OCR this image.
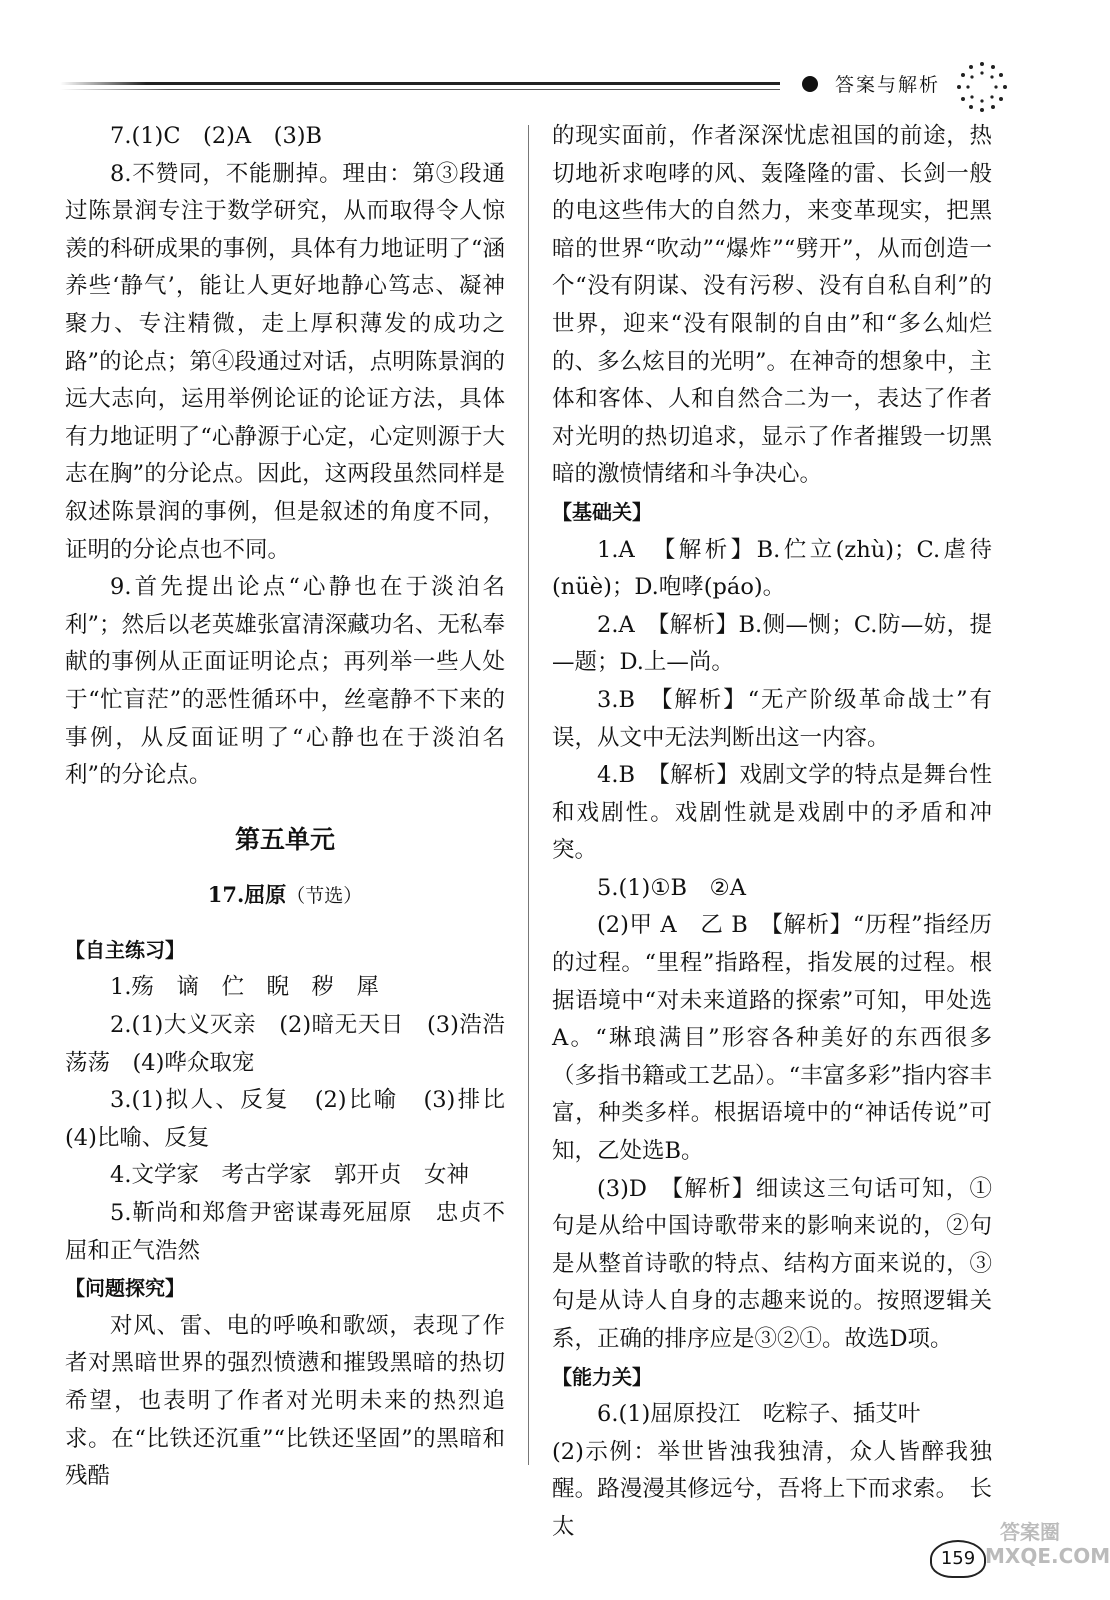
答案与解析

7.(1)C　(2)A　(3)B

8.不赞同，不能删掉。理由：第③段通过陈景润专注于数学研究，从而取得令人惊羡的科研成果的事例，具体有力地证明了“涵养些‘静气’，能让人更好地静心笃志、凝神聚力、专注精微，走上厚积薄发的成功之路”的论点；第④段通过对话，点明陈景润的远大志向，运用举例论证的论证方法，具体有力地证明了“心静源于心定，心定则源于大志在胸”的分论点。因此，这两段虽然同样是叙述陈景润的事例，但是叙述的角度不同，证明的分论点也不同。

9.首先提出论点“心静也在于淡泊名利”；然后以老英雄张富清深藏功名、无私奉献的事例从正面证明论点；再列举一些人处于“忙盲茫”的恶性循环中，丝毫静不下来的事例，从反面证明了“心静也在于淡泊名利”的分论点。

第五单元
17.屈原（节选）
【自主练习】

1.殇　谪　伫　睨　秽　犀

2.(1)大义灭亲　(2)暗无天日　(3)浩浩荡荡　(4)哗众取宠

3.(1)拟人、反复　(2)比喻　(3)排比(4)比喻、反复

4.文学家　考古学家　郭开贞　女神

5.靳尚和郑詹尹密谋毒死屈原　忠贞不屈和正气浩然

【问题探究】

对风、雷、电的呼唤和歌颂，表现了作者对黑暗世界的强烈愤懑和摧毁黑暗的热切希望，也表明了作者对光明未来的热烈追求。在“比铁还沉重”“比铁还坚固”的黑暗和残酷

的现实面前，作者深深忧虑祖国的前途，热切地祈求咆哮的风、轰隆隆的雷、长剑一般的电这些伟大的自然力，来变革现实，把黑暗的世界“吹动”“爆炸”“劈开”，从而创造一个“没有阴谋、没有污秽、没有自私自利”的世界，迎来“没有限制的自由”和“多么灿烂的、多么炫目的光明”。在神奇的想象中，主体和客体、人和自然合二为一，表达了作者对光明的热切追求，显示了作者摧毁一切黑暗的激愤情绪和斗争决心。

【基础关】

1.A　【解析】B.伫立(zhù)；C.虐待(nüè)；D.咆哮(páo)。

2.A　【解析】B.侧—恻；C.防—妨，提—题；D.上—尚。

3.B　【解析】“无产阶级革命战士”有误，从文中无法判断出这一内容。

4.B　【解析】戏剧文学的特点是舞台性和戏剧性。戏剧性就是戏剧中的矛盾和冲突。

5.(1)①B　②A

(2)甲 A　乙 B　【解析】“历程”指经历的过程。“里程”指路程，指发展的过程。根据语境中“对未来道路的探索”可知，甲处选A。“琳琅满目”形容各种美好的东西很多（多指书籍或工艺品）。“丰富多彩”指内容丰富，种类多样。根据语境中的“神话传说”可知，乙处选B。

(3)D　【解析】细读这三句话可知，①句是从给中国诗歌带来的影响来说的，②句是从整首诗歌的特点、结构方面来说的，③句是从诗人自身的志趣来说的。按照逻辑关系，正确的排序应是③②①。故选D项。

【能力关】

6.(1)屈原投江　吃粽子、插艾叶

(2)示例：举世皆浊我独清，众人皆醉我独醒。路漫漫其修远兮，吾将上下而求索。　长太

159
答案圈 MXQE.COM
